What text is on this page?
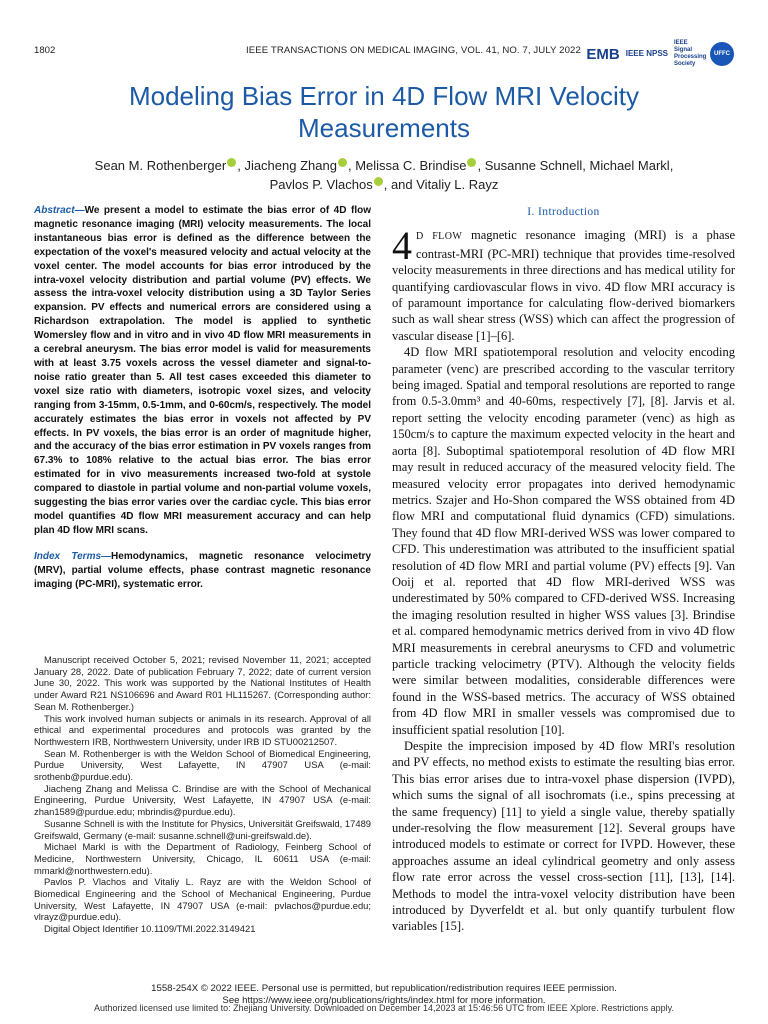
1802	IEEE TRANSACTIONS ON MEDICAL IMAGING, VOL. 41, NO. 7, JULY 2022 EMB IEEE NPSS
IEEE Signal Processing Society
UFFC
Modeling Bias Error in 4D Flow MRI Velocity Measurements
Sean M. Rothenberger , Jiacheng Zhang , Melissa C. Brindise , Susanne Schnell, Michael Markl,
Pavlos P. Vlachos , and Vitaliy L. Rayz

Abstract—We present a model to estimate the bias error of 4D flow magnetic resonance imaging (MRI) velocity measurements. The local instantaneous bias error is defined as the difference between the expectation of the voxel's measured velocity and actual velocity at the voxel center. The model accounts for bias error introduced by the intra-voxel velocity distribution and partial volume (PV) effects. We assess the intra-voxel velocity distribution using a 3D Taylor Series expansion. PV effects and numerical errors are considered using a Richardson extrapolation. The model is applied to synthetic Womersley flow and in vitro and in vivo 4D flow MRI measurements in a cerebral aneurysm. The bias error model is valid for measurements with at least 3.75 voxels across the vessel diameter and signal-to-noise ratio greater than 5. All test cases exceeded this diameter to voxel size ratio with diameters, isotropic voxel sizes, and velocity ranging from 3-15mm, 0.5-1mm, and 0-60cm/s, respectively. The model accurately estimates the bias error in voxels not affected by PV effects. In PV voxels, the bias error is an order of magnitude higher, and the accuracy of the bias error estimation in PV voxels ranges from 67.3% to 108% relative to the actual bias error. The bias error estimated for in vivo measurements increased two-fold at systole compared to diastole in partial volume and non-partial volume voxels, suggesting the bias error varies over the cardiac cycle. This bias error model quantifies 4D flow MRI measurement accuracy and can help plan 4D flow MRI scans.

Index Terms—Hemodynamics, magnetic resonance velocimetry (MRV), partial volume effects, phase contrast magnetic resonance imaging (PC-MRI), systematic error.

Manuscript received October 5, 2021; revised November 11, 2021; accepted January 28, 2022. Date of publication February 7, 2022; date of current version June 30, 2022. This work was supported by the National Institutes of Health under Award R21 NS106696 and Award R01 HL115267. (Corresponding author: Sean M. Rothenberger.)

This work involved human subjects or animals in its research. Approval of all ethical and experimental procedures and protocols was granted by the Northwestern IRB, Northwestern University, under IRB ID STU00212507.

Sean M. Rothenberger is with the Weldon School of Biomedical Engineering, Purdue University, West Lafayette, IN 47907 USA (e-mail: srothenb@purdue.edu).

Jiacheng Zhang and Melissa C. Brindise are with the School of Mechanical Engineering, Purdue University, West Lafayette, IN 47907 USA (e-mail: zhan1589@purdue.edu; mbrindis@purdue.edu).

Susanne Schnell is with the Institute for Physics, Universität Greifswald, 17489 Greifswald, Germany (e-mail: susanne.schnell@uni-greifswald.de).

Michael Markl is with the Department of Radiology, Feinberg School of Medicine, Northwestern University, Chicago, IL 60611 USA (e-mail: mmarkl@northwestern.edu).

Pavlos P. Vlachos and Vitaliy L. Rayz are with the Weldon School of Biomedical Engineering and the School of Mechanical Engineering, Purdue University, West Lafayette, IN 47907 USA (e-mail: pvlachos@purdue.edu; vlrayz@purdue.edu).

Digital Object Identifier 10.1109/TMI.2022.3149421

I. Introduction

4 D FLOW magnetic resonance imaging (MRI) is a phase contrast-MRI (PC-MRI) technique that provides time-resolved velocity measurements in three directions and has medical utility for quantifying cardiovascular flows in vivo. 4D flow MRI accuracy is of paramount importance for calculating flow-derived biomarkers such as wall shear stress (WSS) which can affect the progression of vascular disease [1]–[6].

4D flow MRI spatiotemporal resolution and velocity encoding parameter (venc) are prescribed according to the vascular territory being imaged. Spatial and temporal resolutions are reported to range from 0.5-3.0mm³ and 40-60ms, respectively [7], [8]. Jarvis et al. report setting the velocity encoding parameter (venc) as high as 150cm/s to capture the maximum expected velocity in the heart and aorta [8]. Suboptimal spatiotemporal resolution of 4D flow MRI may result in reduced accuracy of the measured velocity field. The measured velocity error propagates into derived hemodynamic metrics. Szajer and Ho-Shon compared the WSS obtained from 4D flow MRI and computational fluid dynamics (CFD) simulations. They found that 4D flow MRI-derived WSS was lower compared to CFD. This underestimation was attributed to the insufficient spatial resolution of 4D flow MRI and partial volume (PV) effects [9]. Van Ooij et al. reported that 4D flow MRI-derived WSS was underestimated by 50% compared to CFD-derived WSS. Increasing the imaging resolution resulted in higher WSS values [3]. Brindise et al. compared hemodynamic metrics derived from in vivo 4D flow MRI measurements in cerebral aneurysms to CFD and volumetric particle tracking velocimetry (PTV). Although the velocity fields were similar between modalities, considerable differences were found in the WSS-based metrics. The accuracy of WSS obtained from 4D flow MRI in smaller vessels was compromised due to insufficient spatial resolution [10].

Despite the imprecision imposed by 4D flow MRI's resolution and PV effects, no method exists to estimate the resulting bias error. This bias error arises due to intra-voxel phase dispersion (IVPD), which sums the signal of all isochromats (i.e., spins precessing at the same frequency) [11] to yield a single value, thereby spatially under-resolving the flow measurement [12]. Several groups have introduced models to estimate or correct for IVPD. However, these approaches assume an ideal cylindrical geometry and only assess flow rate error across the vessel cross-section [11], [13], [14]. Methods to model the intra-voxel velocity distribution have been introduced by Dyverfeldt et al. but only quantify turbulent flow variables [15].

1558-254X © 2022 IEEE. Personal use is permitted, but republication/redistribution requires IEEE permission.
See https://www.ieee.org/publications/rights/index.html for more information.
Authorized licensed use limited to: Zhejiang University. Downloaded on December 14,2023 at 15:46:56 UTC from IEEE Xplore. Restrictions apply.
